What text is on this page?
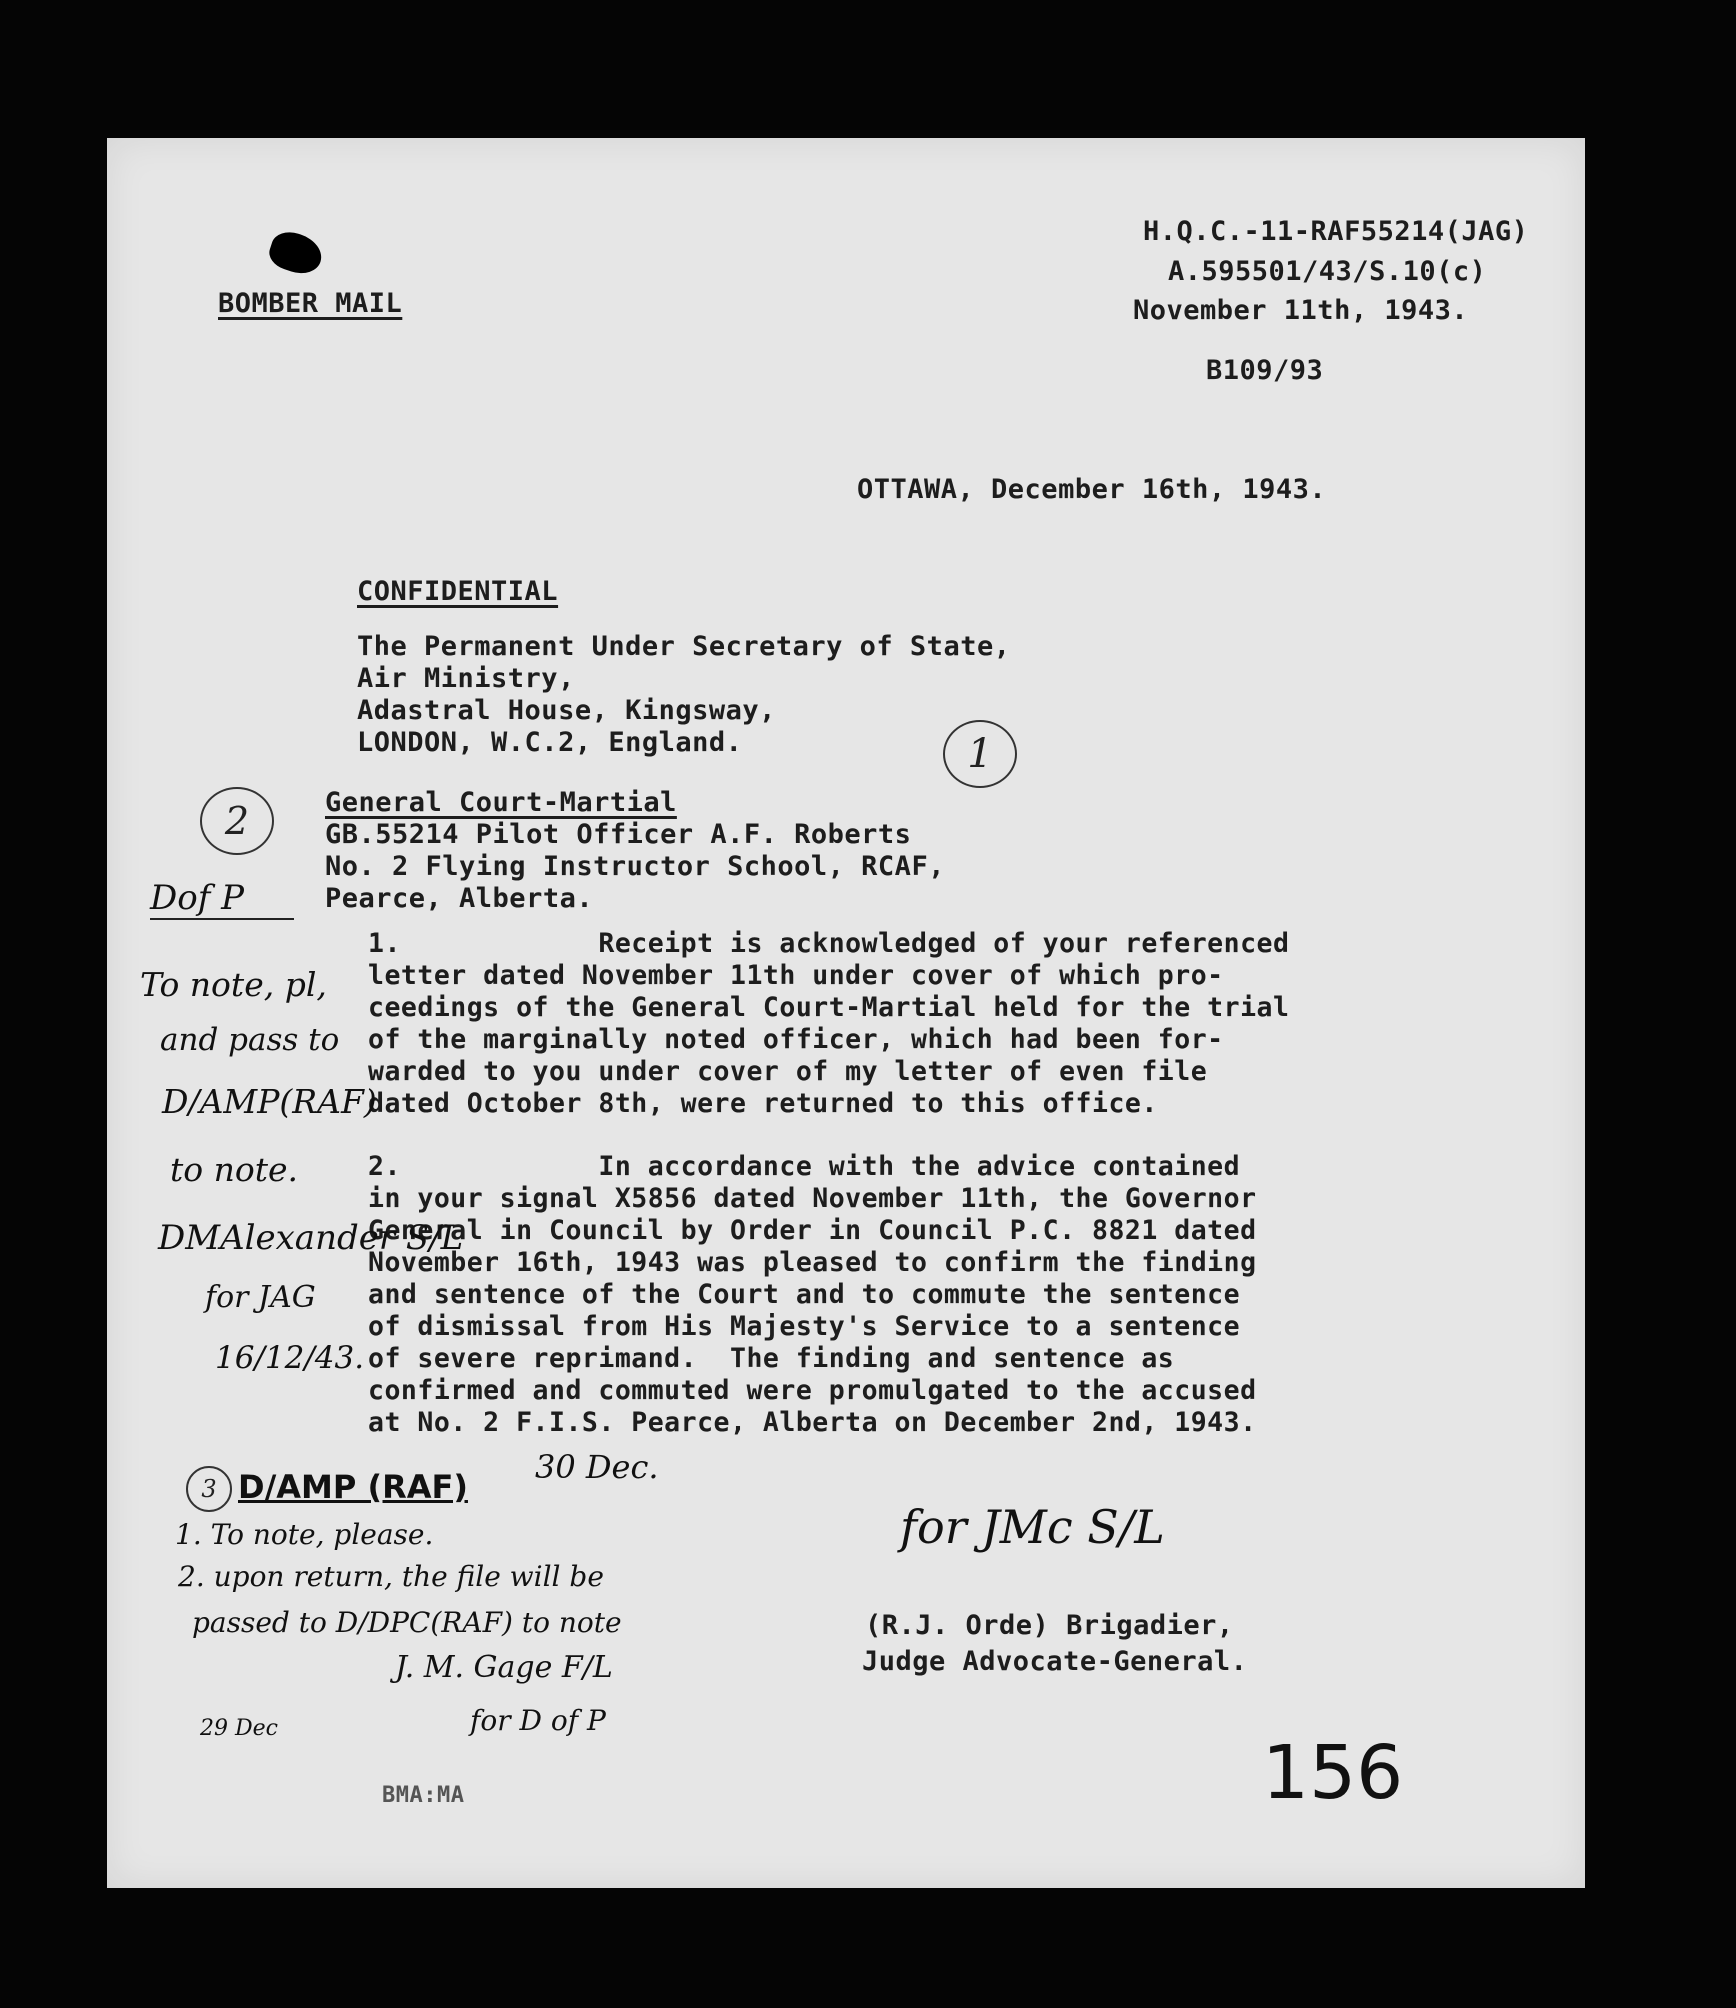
BOMBER MAIL
H.Q.C.-11-RAF55214(JAG)
A.595501/43/S.10(c)
November 11th, 1943.
B109/93
OTTAWA, December 16th, 1943.
CONFIDENTIAL
The Permanent Under Secretary of State,
Air Ministry,
Adastral House, Kingsway,
LONDON, W.C.2, England.	1
General Court-Martial
GB.55214 Pilot Officer A.F. Roberts
No. 2 Flying Instructor School, RCAF,
Pearce, Alberta.
2
1.            Receipt is acknowledged of your referenced
letter dated November 11th under cover of which pro-
ceedings of the General Court-Martial held for the trial
of the marginally noted officer, which had been for-
warded to you under cover of my letter of even file
dated October 8th, were returned to this office.
2.            In accordance with the advice contained
in your signal X5856 dated November 11th, the Governor
General in Council by Order in Council P.C. 8821 dated
November 16th, 1943 was pleased to confirm the finding
and sentence of the Court and to commute the sentence
of dismissal from His Majesty's Service to a sentence
of severe reprimand.  The finding and sentence as
confirmed and commuted were promulgated to the accused
at No. 2 F.I.S. Pearce, Alberta on December 2nd, 1943.
Dof P
To note, pl,
and pass to
D/AMP(RAF)
to note.
DMAlexander S/L
for JAG
16/12/43.
3 D/AMP (RAF)
30 Dec.
1. To note, please.
2. upon return, the file will be
passed to D/DPC(RAF) to note
J. M. Gage F/L
for D of P
29 Dec
for JMc S/L
(R.J. Orde) Brigadier,
Judge Advocate-General.
156
BMA:MA
